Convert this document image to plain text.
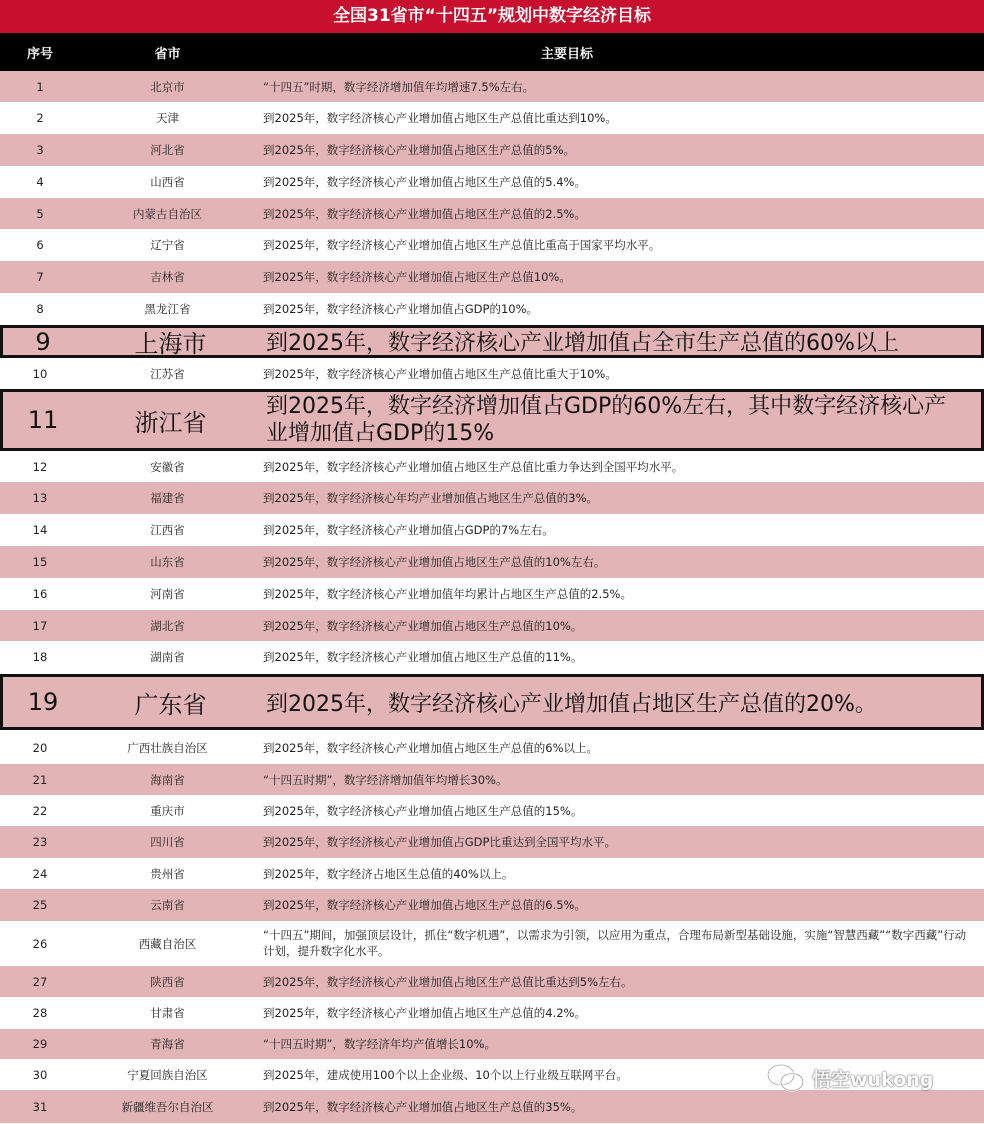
全国31省市“十四五”规划中数字经济目标
序号	省市	主要目标
1	北京市	“十四五”时期，数字经济增加值年均增速7.5%左右。
2	天津	到2025年，数字经济核心产业增加值占地区生产总值比重达到10%。
3	河北省	到2025年，数字经济核心产业增加值占地区生产总值的5%。
4	山西省	到2025年，数字经济核心产业增加值占地区生产总值的5.4%。
5	内蒙古自治区	到2025年，数字经济核心产业增加值占地区生产总值的2.5%。
6	辽宁省	到2025年，数字经济核心产业增加值占地区生产总值比重高于国家平均水平。
7	吉林省	到2025年，数字经济核心产业增加值占地区生产总值10%。
8	黑龙江省	到2025年，数字经济核心产业增加值占GDP的10%。
9	上海市	到2025年，数字经济核心产业增加值占全市生产总值的60%以上
10	江苏省	到2025年，数字经济核心产业增加值占地区生产总值比重大于10%。
11	浙江省
到2025年，数字经济增加值占GDP的60%左右，其中数字经济核心产业增加值占GDP的15%
12	安徽省	到2025年，数字经济核心产业增加值占地区生产总值比重力争达到全国平均水平。
13	福建省	到2025年，数字经济核心年均产业增加值占地区生产总值的3%。
14	江西省	到2025年，数字经济核心产业增加值占GDP的7%左右。
15	山东省	到2025年，数字经济核心产业增加值占地区生产总值的10%左右。
16	河南省	到2025年，数字经济核心产业增加值年均累计占地区生产总值的2.5%。
17	湖北省	到2025年，数字经济核心产业增加值占地区生产总值的10%。
18	湖南省	到2025年，数字经济核心产业增加值占地区生产总值的11%。
19	广东省	到2025年，数字经济核心产业增加值占地区生产总值的20%。
20	广西壮族自治区	到2025年，数字经济核心产业增加值占地区生产总值的6%以上。
21	海南省	“十四五时期”，数字经济增加值年均增长30%。
22	重庆市	到2025年，数字经济核心产业增加值占地区生产总值的15%。
23	四川省	到2025年，数字经济核心产业增加值占GDP比重达到全国平均水平。
24	贵州省	到2025年，数字经济占地区生总值的40%以上。
25	云南省	到2025年，数字经济核心产业增加值占地区生产总值的6.5%。
26	西藏自治区
“十四五”期间，加强顶层设计，抓住“数字机遇”，以需求为引领，以应用为重点，合理布局新型基础设施，实施“智慧西藏”“数字西藏”行动计划，提升数字化水平。
27	陕西省	到2025年，数字经济核心产业增加值占地区生产总值比重达到5%左右。
28	甘肃省	到2025年，数字经济核心产业增加值占地区生产总值的4.2%。
29	青海省	“十四五时期”，数字经济年均产值增长10%。
30	宁夏回族自治区	到2025年，建成使用100个以上企业级、10个以上行业级互联网平台。
31	新疆维吾尔自治区	到2025年，数字经济核心产业增加值占地区生产总值的35%。
悟空wukong
